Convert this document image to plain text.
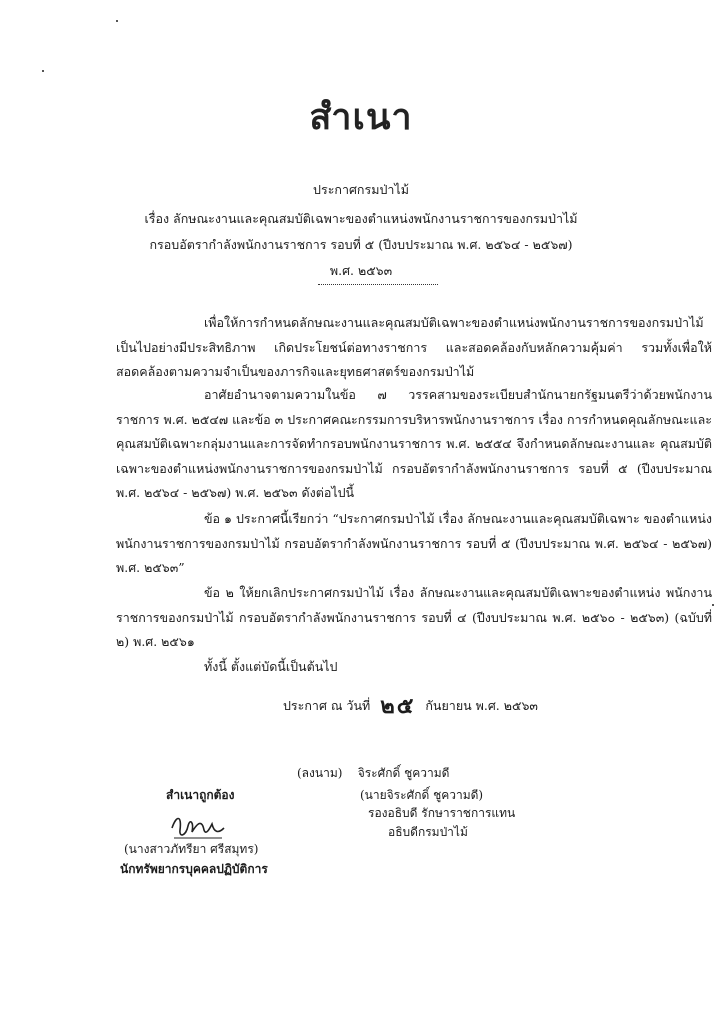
สำเนา
ประกาศกรมป่าไม้
เรื่อง ลักษณะงานและคุณสมบัติเฉพาะของตำแหน่งพนักงานราชการของกรมป่าไม้
กรอบอัตรากำลังพนักงานราชการ รอบที่ ๕ (ปีงบประมาณ พ.ศ. ๒๕๖๔ - ๒๕๖๗)
พ.ศ. ๒๕๖๓

เพื่อให้การกำหนดลักษณะงานและคุณสมบัติเฉพาะของตำแหน่งพนักงานราชการของกรมป่าไม้ เป็นไปอย่างมีประสิทธิภาพ เกิดประโยชน์ต่อทางราชการ และสอดคล้องกับหลักความคุ้มค่า รวมทั้งเพื่อให้ สอดคล้องตามความจำเป็นของภารกิจและยุทธศาสตร์ของกรมป่าไม้

อาศัยอำนาจตามความในข้อ ๗ วรรคสามของระเบียบสำนักนายกรัฐมนตรีว่าด้วยพนักงานราชการ พ.ศ. ๒๕๔๗ และข้อ ๓ ประกาศคณะกรรมการบริหารพนักงานราชการ เรื่อง การกำหนดคุณลักษณะและ คุณสมบัติเฉพาะกลุ่มงานและการจัดทำกรอบพนักงานราชการ พ.ศ. ๒๕๕๔ จึงกำหนดลักษณะงานและ คุณสมบัติเฉพาะของตำแหน่งพนักงานราชการของกรมป่าไม้ กรอบอัตรากำลังพนักงานราชการ รอบที่ ๕ (ปีงบประมาณ พ.ศ. ๒๕๖๔ - ๒๕๖๗) พ.ศ. ๒๕๖๓ ดังต่อไปนี้

ข้อ ๑ ประกาศนี้เรียกว่า “ประกาศกรมป่าไม้ เรื่อง ลักษณะงานและคุณสมบัติเฉพาะ ของตำแหน่งพนักงานราชการของกรมป่าไม้ กรอบอัตรากำลังพนักงานราชการ รอบที่ ๕ (ปีงบประมาณ พ.ศ. ๒๕๖๔ - ๒๕๖๗) พ.ศ. ๒๕๖๓”

ข้อ ๒ ให้ยกเลิกประกาศกรมป่าไม้ เรื่อง ลักษณะงานและคุณสมบัติเฉพาะของตำแหน่ง พนักงานราชการของกรมป่าไม้ กรอบอัตรากำลังพนักงานราชการ รอบที่ ๔ (ปีงบประมาณ พ.ศ. ๒๕๖๐ - ๒๕๖๓) (ฉบับที่ ๒) พ.ศ. ๒๕๖๑

ทั้งนี้ ตั้งแต่บัดนี้เป็นต้นไป
ประกาศ ณ วันที่ ๒๕ กันยายน พ.ศ. ๒๕๖๓
(ลงนาม) จิระศักดิ์ ชูความดี
(นายจิระศักดิ์ ชูความดี)
รองอธิบดี รักษาราชการแทน
อธิบดีกรมป่าไม้
สำเนาถูกต้อง
(นางสาวภัทรียา ศรีสมุทร)
นักทรัพยากรบุคคลปฏิบัติการ
